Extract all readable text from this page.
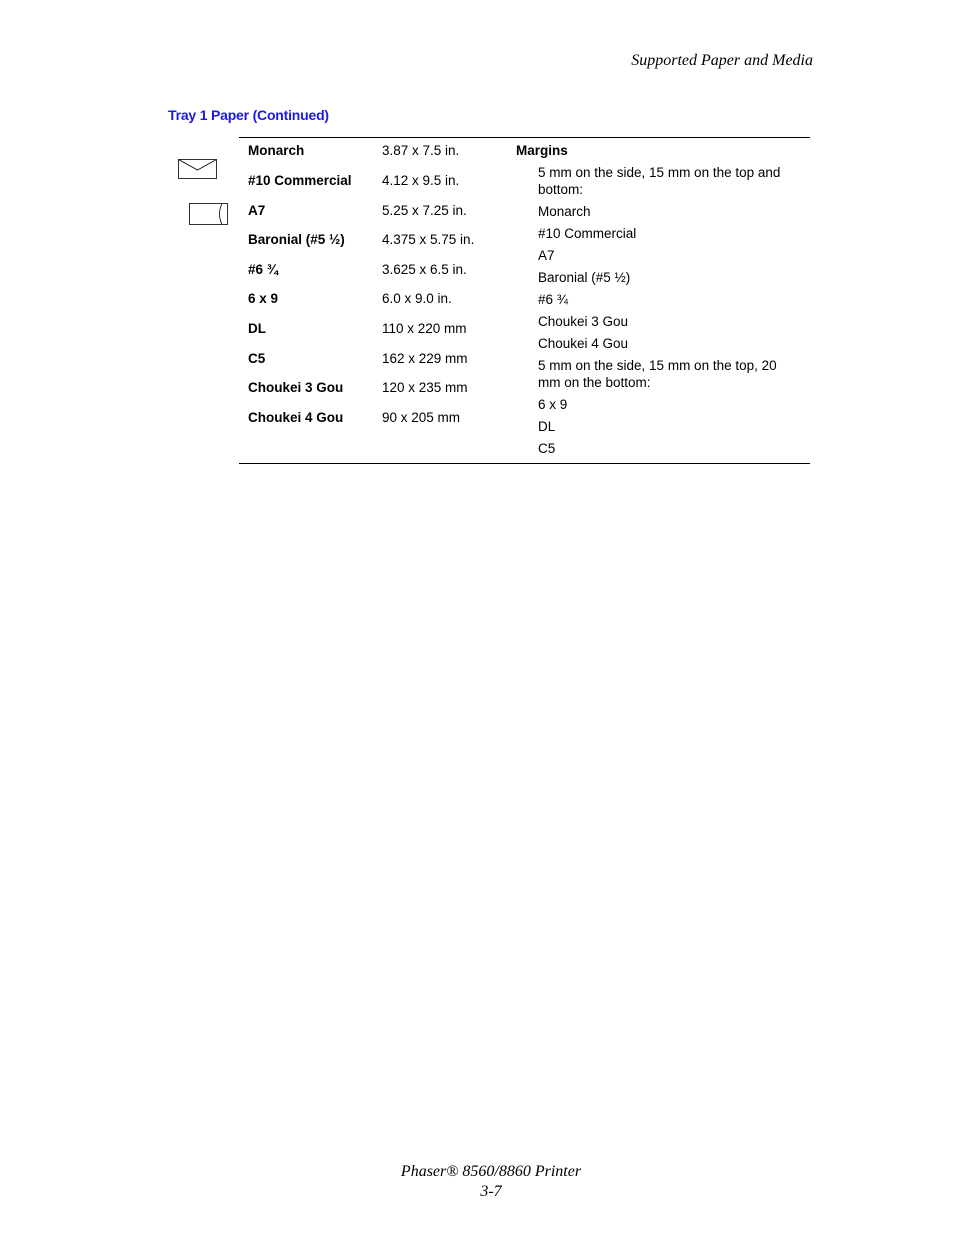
Supported Paper and Media
Tray 1 Paper (Continued)
Monarch	3.87 x 7.5 in.
#10 Commercial 4.12 x 9.5 in.
A7	5.25 x 7.25 in.
Baronial (#5 ½)	4.375 x 5.75 in.
#6 ¾	3.625 x 6.5 in.
6 x 9	6.0 x 9.0 in.
DL	110 x 220 mm
C5	162 x 229 mm
Choukei 3 Gou	120 x 235 mm
Choukei 4 Gou	90 x 205 mm
Margins
5 mm on the side, 15 mm on the top and bottom:
Monarch
#10 Commercial
A7
Baronial (#5 ½)
#6 ¾
Choukei 3 Gou
Choukei 4 Gou
5 mm on the side, 15 mm on the top, 20 mm on the bottom:
6 x 9
DL
C5
Phaser® 8560/8860 Printer
3-7
